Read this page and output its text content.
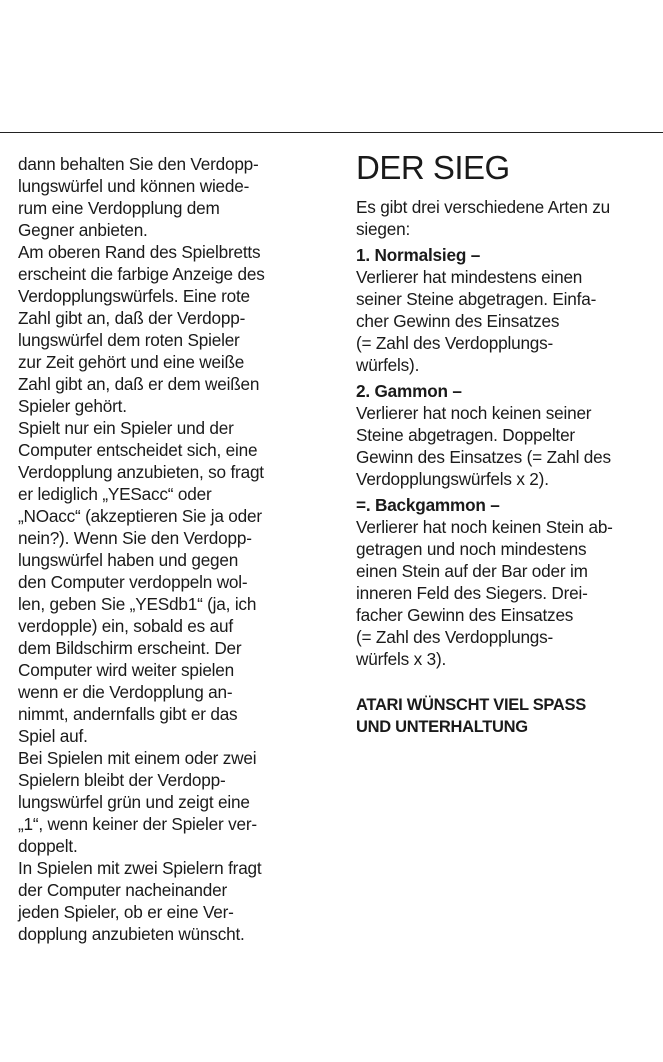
dann behalten Sie den Verdopp-
lungswürfel und können wiede-
rum eine Verdopplung dem
Gegner anbieten.
Am oberen Rand des Spielbretts
erscheint die farbige Anzeige des
Verdopplungswürfels. Eine rote
Zahl gibt an, daß der Verdopp-
lungswürfel dem roten Spieler
zur Zeit gehört und eine weiße
Zahl gibt an, daß er dem weißen
Spieler gehört.
Spielt nur ein Spieler und der
Computer entscheidet sich, eine
Verdopplung anzubieten, so fragt
er lediglich „YESacc“ oder
„NOacc“ (akzeptieren Sie ja oder
nein?). Wenn Sie den Verdopp-
lungswürfel haben und gegen
den Computer verdoppeln wol-
len, geben Sie „YESdb1“ (ja, ich
verdopple) ein, sobald es auf
dem Bildschirm erscheint. Der
Computer wird weiter spielen
wenn er die Verdopplung an-
nimmt, andernfalls gibt er das
Spiel auf.
Bei Spielen mit einem oder zwei
Spielern bleibt der Verdopp-
lungswürfel grün und zeigt eine
„1“, wenn keiner der Spieler ver-
doppelt.
In Spielen mit zwei Spielern fragt
der Computer nacheinander
jeden Spieler, ob er eine Ver-
dopplung anzubieten wünscht.
DER SIEG
Es gibt drei verschiedene Arten zu
siegen:
1. Normalsieg –
Verlierer hat mindestens einen
seiner Steine abgetragen. Einfa-
cher Gewinn des Einsatzes
(= Zahl des Verdopplungs-
würfels).
2. Gammon –
Verlierer hat noch keinen seiner
Steine abgetragen. Doppelter
Gewinn des Einsatzes (= Zahl des
Verdopplungswürfels x 2).
=. Backgammon –
Verlierer hat noch keinen Stein ab-
getragen und noch mindestens
einen Stein auf der Bar oder im
inneren Feld des Siegers. Drei-
facher Gewinn des Einsatzes
(= Zahl des Verdopplungs-
würfels x 3).
ATARI WÜNSCHT VIEL SPASS
UND UNTERHALTUNG
